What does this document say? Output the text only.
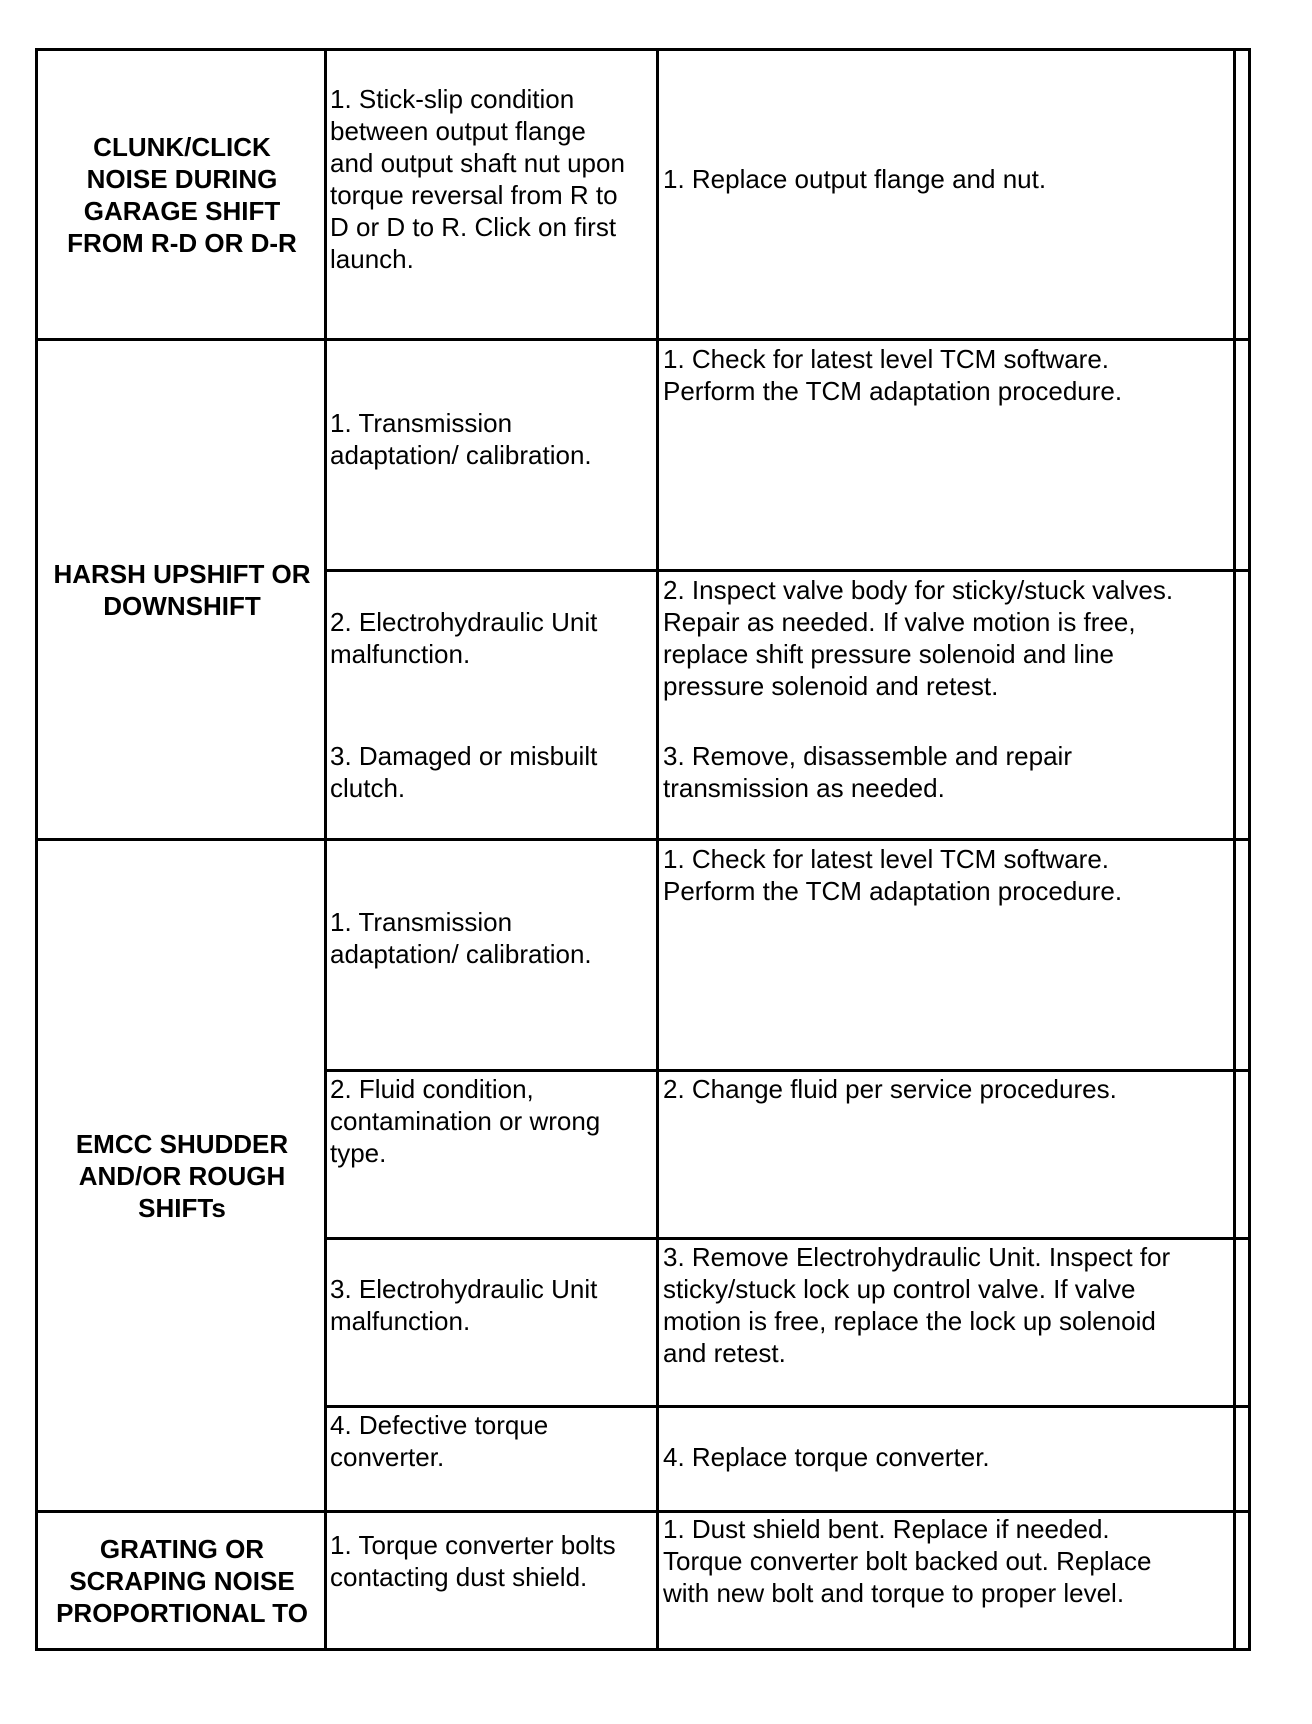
CLUNK/CLICK
NOISE DURING
GARAGE SHIFT
FROM R-D OR D-R
1. Stick-slip condition
between output flange
and output shaft nut upon
torque reversal from R to
D or D to R. Click on first
launch.
1. Replace output flange and nut.
HARSH UPSHIFT OR
DOWNSHIFT
1. Transmission
adaptation/ calibration.
1. Check for latest level TCM software.
Perform the TCM adaptation procedure.
2. Electrohydraulic Unit
malfunction.
2. Inspect valve body for sticky/stuck valves.
Repair as needed. If valve motion is free,
replace shift pressure solenoid and line
pressure solenoid and retest.
3. Damaged or misbuilt
clutch.
3. Remove, disassemble and repair
transmission as needed.
EMCC SHUDDER
AND/OR ROUGH
SHIFTs
1. Transmission
adaptation/ calibration.
1. Check for latest level TCM software.
Perform the TCM adaptation procedure.
2. Fluid condition,
contamination or wrong
type.
2. Change fluid per service procedures.
3. Electrohydraulic Unit
malfunction.
3. Remove Electrohydraulic Unit. Inspect for
sticky/stuck lock up control valve. If valve
motion is free, replace the lock up solenoid
and retest.
4. Defective torque
converter.	4. Replace torque converter.
GRATING OR
SCRAPING NOISE
PROPORTIONAL TO
1. Torque converter bolts
contacting dust shield.
1. Dust shield bent. Replace if needed.
Torque converter bolt backed out. Replace
with new bolt and torque to proper level.
